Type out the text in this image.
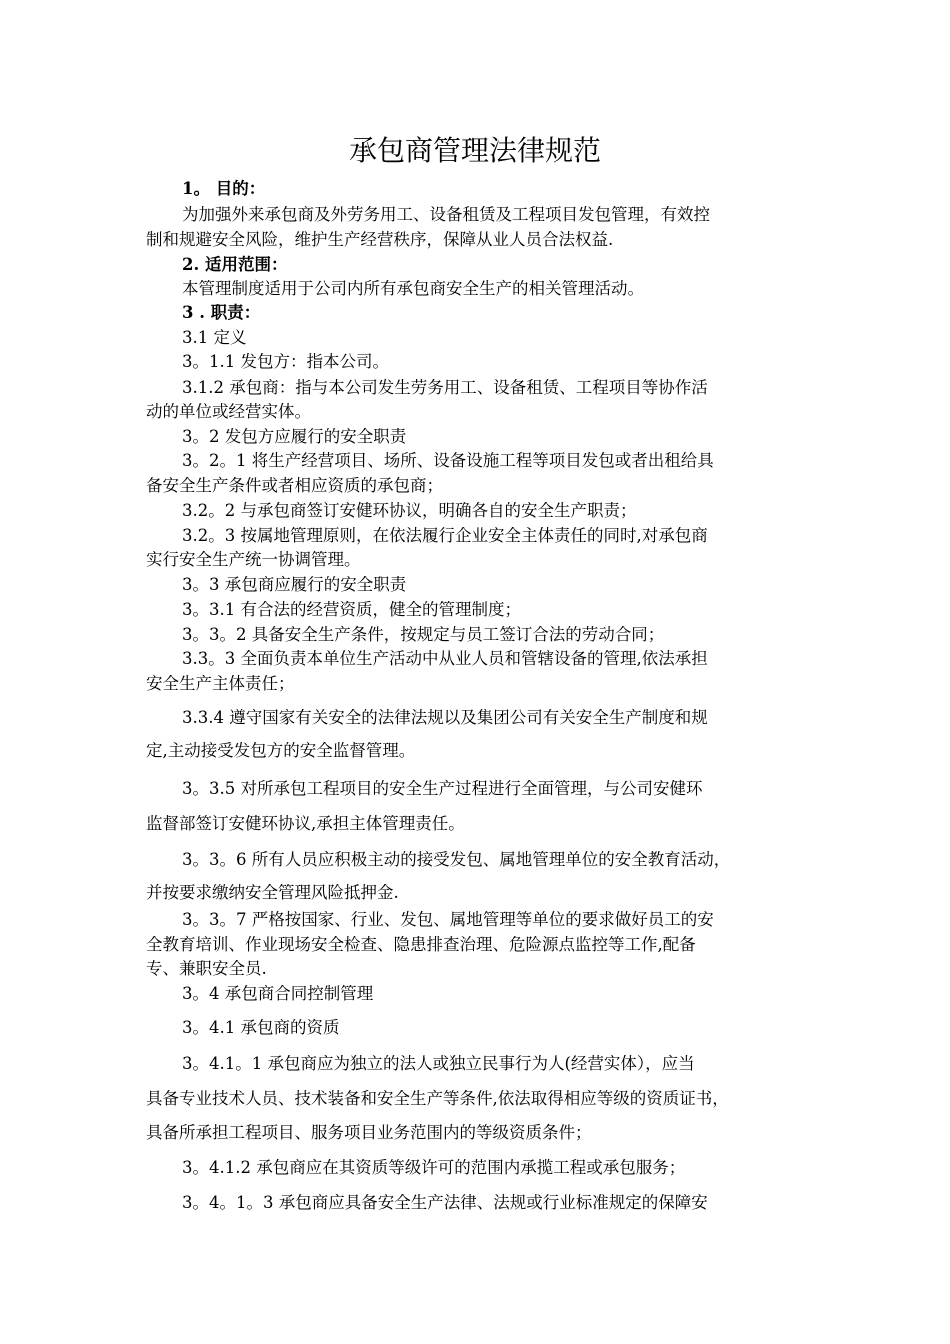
承包商管理法律规范
1。 目的：
为加强外来承包商及外劳务用工、设备租赁及工程项目发包管理，有效控
制和规避安全风险，维护生产经营秩序，保障从业人员合法权益.
2. 适用范围：
本管理制度适用于公司内所有承包商安全生产的相关管理活动。
3 . 职责：
3.1 定义
3。1.1 发包方：指本公司。
3.1.2 承包商：指与本公司发生劳务用工、设备租赁、工程项目等协作活
动的单位或经营实体。
3。2 发包方应履行的安全职责
3。2。1 将生产经营项目、场所、设备设施工程等项目发包或者出租给具
备安全生产条件或者相应资质的承包商；
3.2。2 与承包商签订安健环协议，明确各自的安全生产职责；
3.2。3 按属地管理原则，在依法履行企业安全主体责任的同时,对承包商
实行安全生产统一协调管理。
3。3 承包商应履行的安全职责
3。3.1 有合法的经营资质，健全的管理制度；
3。3。2 具备安全生产条件，按规定与员工签订合法的劳动合同；
3.3。3 全面负责本单位生产活动中从业人员和管辖设备的管理,依法承担
安全生产主体责任；
3.3.4 遵守国家有关安全的法律法规以及集团公司有关安全生产制度和规
定,主动接受发包方的安全监督管理。
3。3.5 对所承包工程项目的安全生产过程进行全面管理，与公司安健环
监督部签订安健环协议,承担主体管理责任。
3。3。6 所有人员应积极主动的接受发包、属地管理单位的安全教育活动，
并按要求缴纳安全管理风险抵押金.
3。3。7 严格按国家、行业、发包、属地管理等单位的要求做好员工的安
全教育培训、作业现场安全检查、隐患排查治理、危险源点监控等工作,配备
专、兼职安全员.
3。4 承包商合同控制管理
3。4.1 承包商的资质
3。4.1。1 承包商应为独立的法人或独立民事行为人(经营实体），应当
具备专业技术人员、技术装备和安全生产等条件,依法取得相应等级的资质证书，
具备所承担工程项目、服务项目业务范围内的等级资质条件；
3。4.1.2 承包商应在其资质等级许可的范围内承揽工程或承包服务；
3。4。1。3 承包商应具备安全生产法律、法规或行业标准规定的保障安
